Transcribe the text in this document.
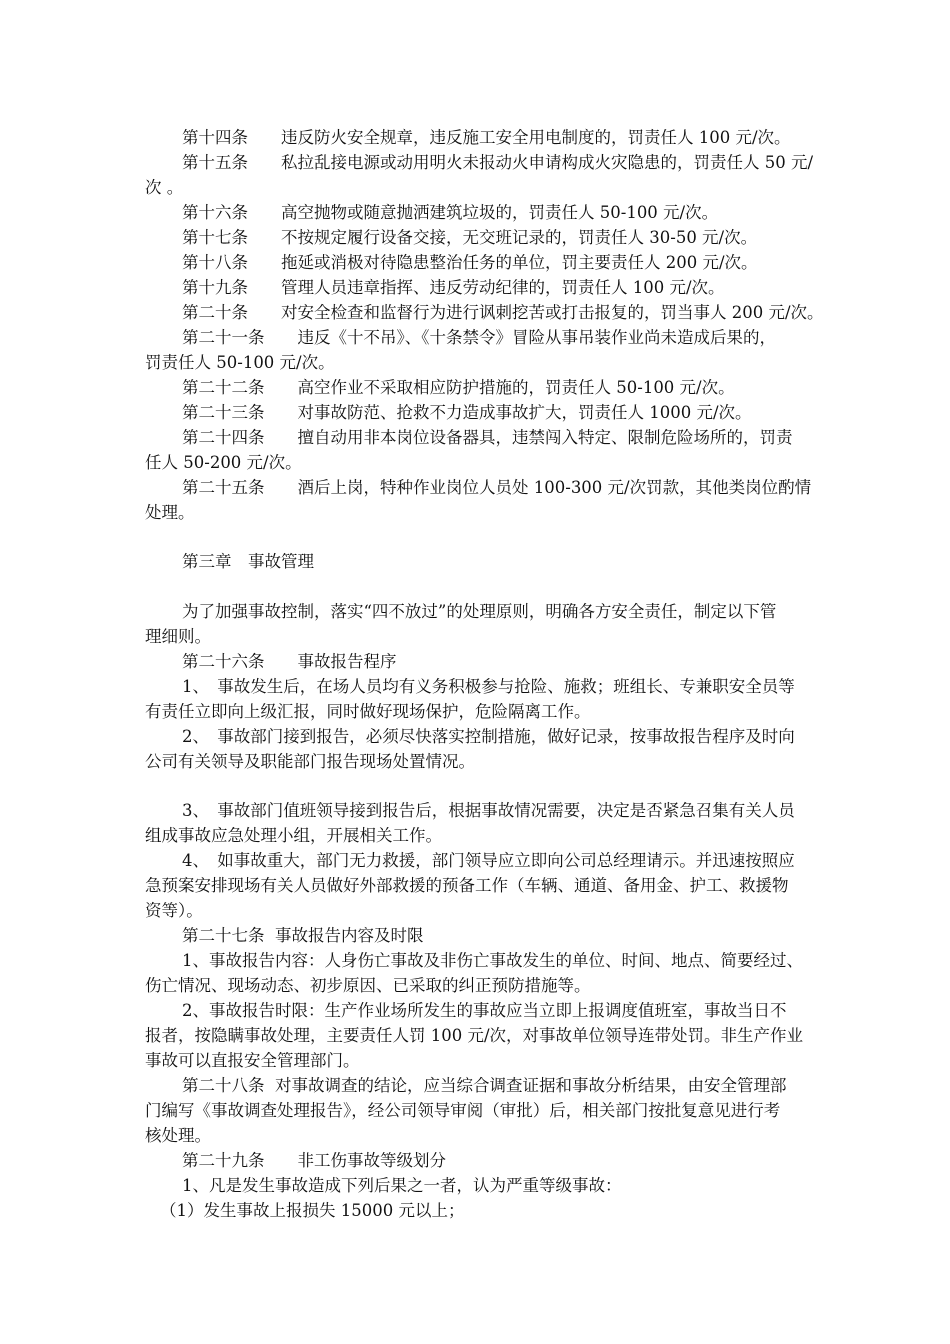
第十四条　　违反防火安全规章，违反施工安全用电制度的，罚责任人 100 元/次。
第十五条　　私拉乱接电源或动用明火未报动火申请构成火灾隐患的，罚责任人 50 元/
次 。
第十六条　　高空抛物或随意抛洒建筑垃圾的，罚责任人 50-100 元/次。
第十七条　　不按规定履行设备交接，无交班记录的，罚责任人 30-50 元/次。
第十八条　　拖延或消极对待隐患整治任务的单位，罚主要责任人 200 元/次。
第十九条　　管理人员违章指挥、违反劳动纪律的，罚责任人 100 元/次。
第二十条　　对安全检查和监督行为进行讽刺挖苦或打击报复的，罚当事人 200 元/次。
第二十一条　　违反《十不吊》、《十条禁令》冒险从事吊装作业尚未造成后果的，
罚责任人 50-100 元/次。
第二十二条　　高空作业不采取相应防护措施的，罚责任人 50-100 元/次。
第二十三条　　对事故防范、抢救不力造成事故扩大，罚责任人 1000 元/次。
第二十四条　　擅自动用非本岗位设备器具，违禁闯入特定、限制危险场所的，罚责
任人 50-200 元/次。
第二十五条　　酒后上岗，特种作业岗位人员处 100-300 元/次罚款，其他类岗位酌情
处理。
第三章　事故管理
为了加强事故控制，落实“四不放过”的处理原则，明确各方安全责任，制定以下管
理细则。
第二十六条　　事故报告程序
1、　事故发生后，在场人员均有义务积极参与抢险、施救；班组长、专兼职安全员等
有责任立即向上级汇报，同时做好现场保护，危险隔离工作。
2、　事故部门接到报告，必须尽快落实控制措施，做好记录，按事故报告程序及时向
公司有关领导及职能部门报告现场处置情况。
3、　事故部门值班领导接到报告后，根据事故情况需要，决定是否紧急召集有关人员
组成事故应急处理小组，开展相关工作。
4、　如事故重大，部门无力救援，部门领导应立即向公司总经理请示。并迅速按照应
急预案安排现场有关人员做好外部救援的预备工作（车辆、通道、备用金、护工、救援物
资等）。
第二十七条  事故报告内容及时限
1、事故报告内容：人身伤亡事故及非伤亡事故发生的单位、时间、地点、简要经过、
伤亡情况、现场动态、初步原因、已采取的纠正预防措施等。
2、事故报告时限：生产作业场所发生的事故应当立即上报调度值班室，事故当日不
报者，按隐瞒事故处理，主要责任人罚 100 元/次，对事故单位领导连带处罚。非生产作业
事故可以直报安全管理部门。
第二十八条  对事故调查的结论，应当综合调查证据和事故分析结果，由安全管理部
门编写《事故调查处理报告》，经公司领导审阅（审批）后，相关部门按批复意见进行考
核处理。
第二十九条　　非工伤事故等级划分
1、凡是发生事故造成下列后果之一者，认为严重等级事故：
（1）发生事故上报损失 15000 元以上；
